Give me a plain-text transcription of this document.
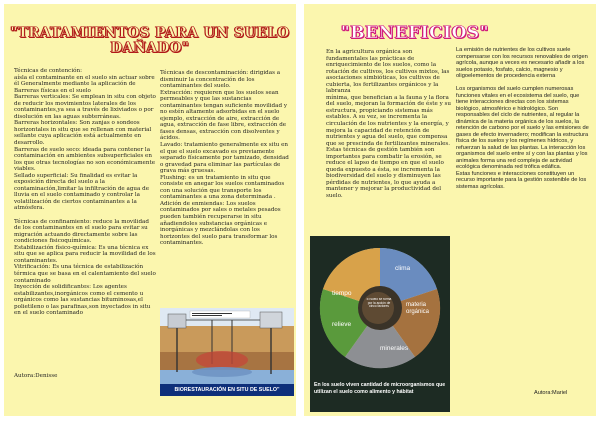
"TRATAMIENTOS PARA UN SUELO DAÑADO"
Técnicas de contención:
aísla el contaminante en el suelo sin actuar sobre él Generalmente mediante la aplicación de Barreras físicas en el suelo
Barreras verticales: Se emplean in situ con objeto de reducir los movimientos laterales de los contaminantes,ya sea a través de lixiviados o por disolución en las aguas subterráneas.
Barreras horizontales: Son zanjas o sondeos horizontales in situ que se rellenan con material sellante cuya aplicación está actualmente en desarrollo.
Barreras de suelo seco: ideada para contener la contaminación en ambientes subsuperficiales en los que otras tecnologías no son económicamente viables.
Sellado superficial: Su finalidad es evitar la exposición directa del suelo a la contaminación,limitar la infiltración de agua de lluvia en el suelo contaminado y controlar la volatilización de ciertos contaminantes a la atmósfera.

Técnicas de confinamiento: reduce la movilidad de los contaminantes en el suelo para evitar su migración actuando directamente sobre las condiciones fisicoquímicas.
Estabilización físico-química: Es una técnica ex situ que se aplica para reducir la movilidad de los contaminantes.
Vitrificación: Es una técnica de estabilización térmica que se basa en el calentamiento del suelo contaminado
Inyección de solidificantes: Los agentes estabilizantes,inorgánicos como el cemento u orgánicos como las sustancias bituminosas,el polietileno o las parafinas,son inyectados in situ en el suelo contaminado
Técnicas de descontaminación: dirigidas a disminuir la concentración de los contaminantes del suelo.
Extracción: requieren que los suelos sean permeables y que las sustancias contaminantes tengan suficiente movilidad y no estén altamente adsorbidas en el suelo ejemplo, extracción de aire, extracción de agua, extracción de fase libre, extracción de fases densas, extracción con disolventes y ácidos.
Lavado: tratamiento generalmente ex situ en el que el suelo excavado es previamente separado físicamente por tamizado, densidad o gravedad para eliminar las partículas de grava más gruesas.
Flushing: es un tratamiento in situ que consiste en anegar los suelos contaminados con una solución que transporte los contaminantes a una zona determinada .
Adición de enmiendas: Los suelos contaminados por sales o metales pesados pueden también recuperarse in situ añadiendoles substancias orgánicas e inorgánicas y mezclándolas con los horizontes del suelo para transformar los contaminantes.
BIORESTAURACIÓN EN SITU DE SUELO"
Autora:Denisse
"BENEFICIOS"
En la agricultura orgánica son fundamentales las prácticas de enriquecimiento de los suelos, como la rotación de cultivos, los cultivos mixtos, las asociaciones simbióticas, los cultivos de cubierta, los fertilizantes orgánicos y la labranza
mínima, que benefician a la fauna y la flora del suelo, mejoran la formación de éste y su estructura, propiciando sistemas más estables. A su vez, se incrementa la circulación de los nutrientes y la energía, y mejora la capacidad de retención de nutrientes y agua del suelo, que compensa que se prescinda de fertilizantes minerales. Estas técnicas de gestión también son importantes para combatir la erosión, se reduce el lapso de tiempo en que el suelo queda expuesto a ésta, se incrementa la biodiversidad del suelo y disminuyen las pérdidas de nutrientes, lo que ayuda a mantener y mejorar la productividad del suelo.
La emisión de nutrientes de los cultivos suele compensarse con los recursos renovables de origen agrícola, aunque a veces es necesario añadir a los suelos potasio, fosfato, calcio, magnesio y oligoelementos de procedencia externa

Los organismos del suelo cumplen numerosas funciones vitales en el ecosistema del suelo, que tiene interacciones directas con los sistemas biológico, atmosférico e hidrológico. Son responsables del ciclo de nutrientes, al regular la dinámica de la materia orgánica de los suelos, la retención de carbono por el suelo y las emisiones de gases de efecto invernadero; modifican la estructura física de los suelos y los regímenes hídricos, y refuerzan la salud de las plantas. La interacción los organismos del suelo entre sí y con las plantas y los animales forma una red compleja de actividad ecológica denominada red trófica edáfica.
Estas funciones e interacciones constituyen un recurso importante para la gestión sostenible de los sistemas agrícolas.
clima
materia orgánica
minerales
relieve
tiempo
El suelo se forma por la acción de cinco factores
En los suelo viven cantidad de microorganismos que utilizan el suelo como alimento y hábitat	Autora:Mariel
